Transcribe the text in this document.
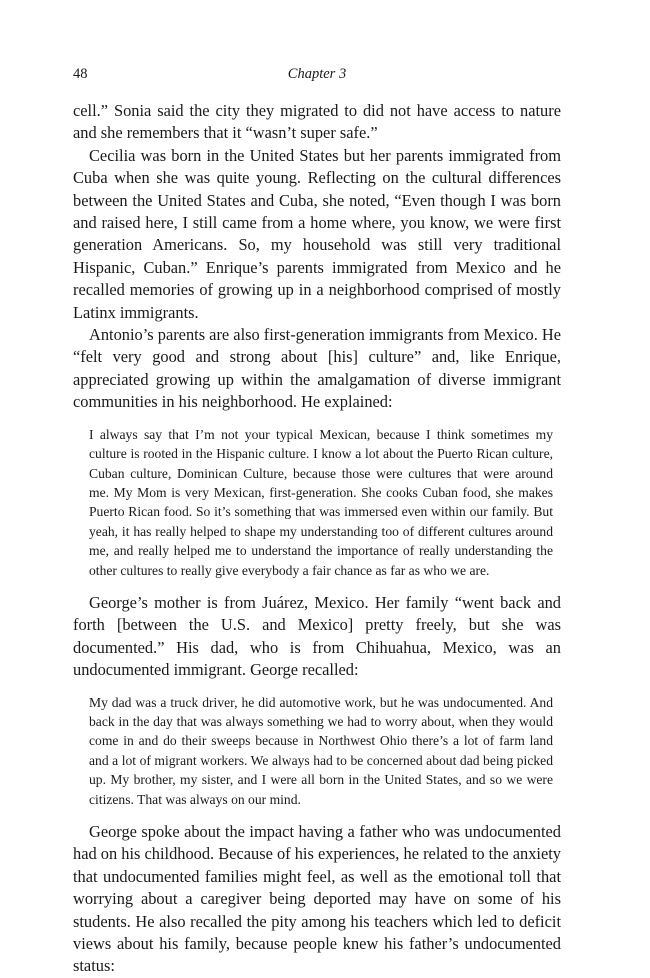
48	Chapter 3

cell.” Sonia said the city they migrated to did not have access to nature and she remembers that it “wasn’t super safe.”

Cecilia was born in the United States but her parents immigrated from Cuba when she was quite young. Reflecting on the cultural differences between the United States and Cuba, she noted, “Even though I was born and raised here, I still came from a home where, you know, we were first generation Americans. So, my household was still very traditional Hispanic, Cuban.” Enrique’s parents immigrated from Mexico and he recalled memories of growing up in a neighborhood comprised of mostly Latinx immigrants.

Antonio’s parents are also first-generation immigrants from Mexico. He “felt very good and strong about [his] culture” and, like Enrique, appreciated growing up within the amalgamation of diverse immigrant communities in his neighborhood. He explained:

I always say that I’m not your typical Mexican, because I think sometimes my culture is rooted in the Hispanic culture. I know a lot about the Puerto Rican culture, Cuban culture, Dominican Culture, because those were cultures that were around me. My Mom is very Mexican, first-generation. She cooks Cuban food, she makes Puerto Rican food. So it’s something that was immersed even within our family. But yeah, it has really helped to shape my understanding too of different cultures around me, and really helped me to understand the importance of really understanding the other cultures to really give everybody a fair chance as far as who we are.

George’s mother is from Juárez, Mexico. Her family “went back and forth [between the U.S. and Mexico] pretty freely, but she was documented.” His dad, who is from Chihuahua, Mexico, was an undocumented immigrant. George recalled:

My dad was a truck driver, he did automotive work, but he was undocumented. And back in the day that was always something we had to worry about, when they would come in and do their sweeps because in Northwest Ohio there’s a lot of farm land and a lot of migrant workers. We always had to be concerned about dad being picked up. My brother, my sister, and I were all born in the United States, and so we were citizens. That was always on our mind.

George spoke about the impact having a father who was undocumented had on his childhood. Because of his experiences, he related to the anxiety that undocumented families might feel, as well as the emotional toll that worrying about a caregiver being deported may have on some of his students. He also recalled the pity among his teachers which led to deficit views about his family, because people knew his father’s undocumented status:
